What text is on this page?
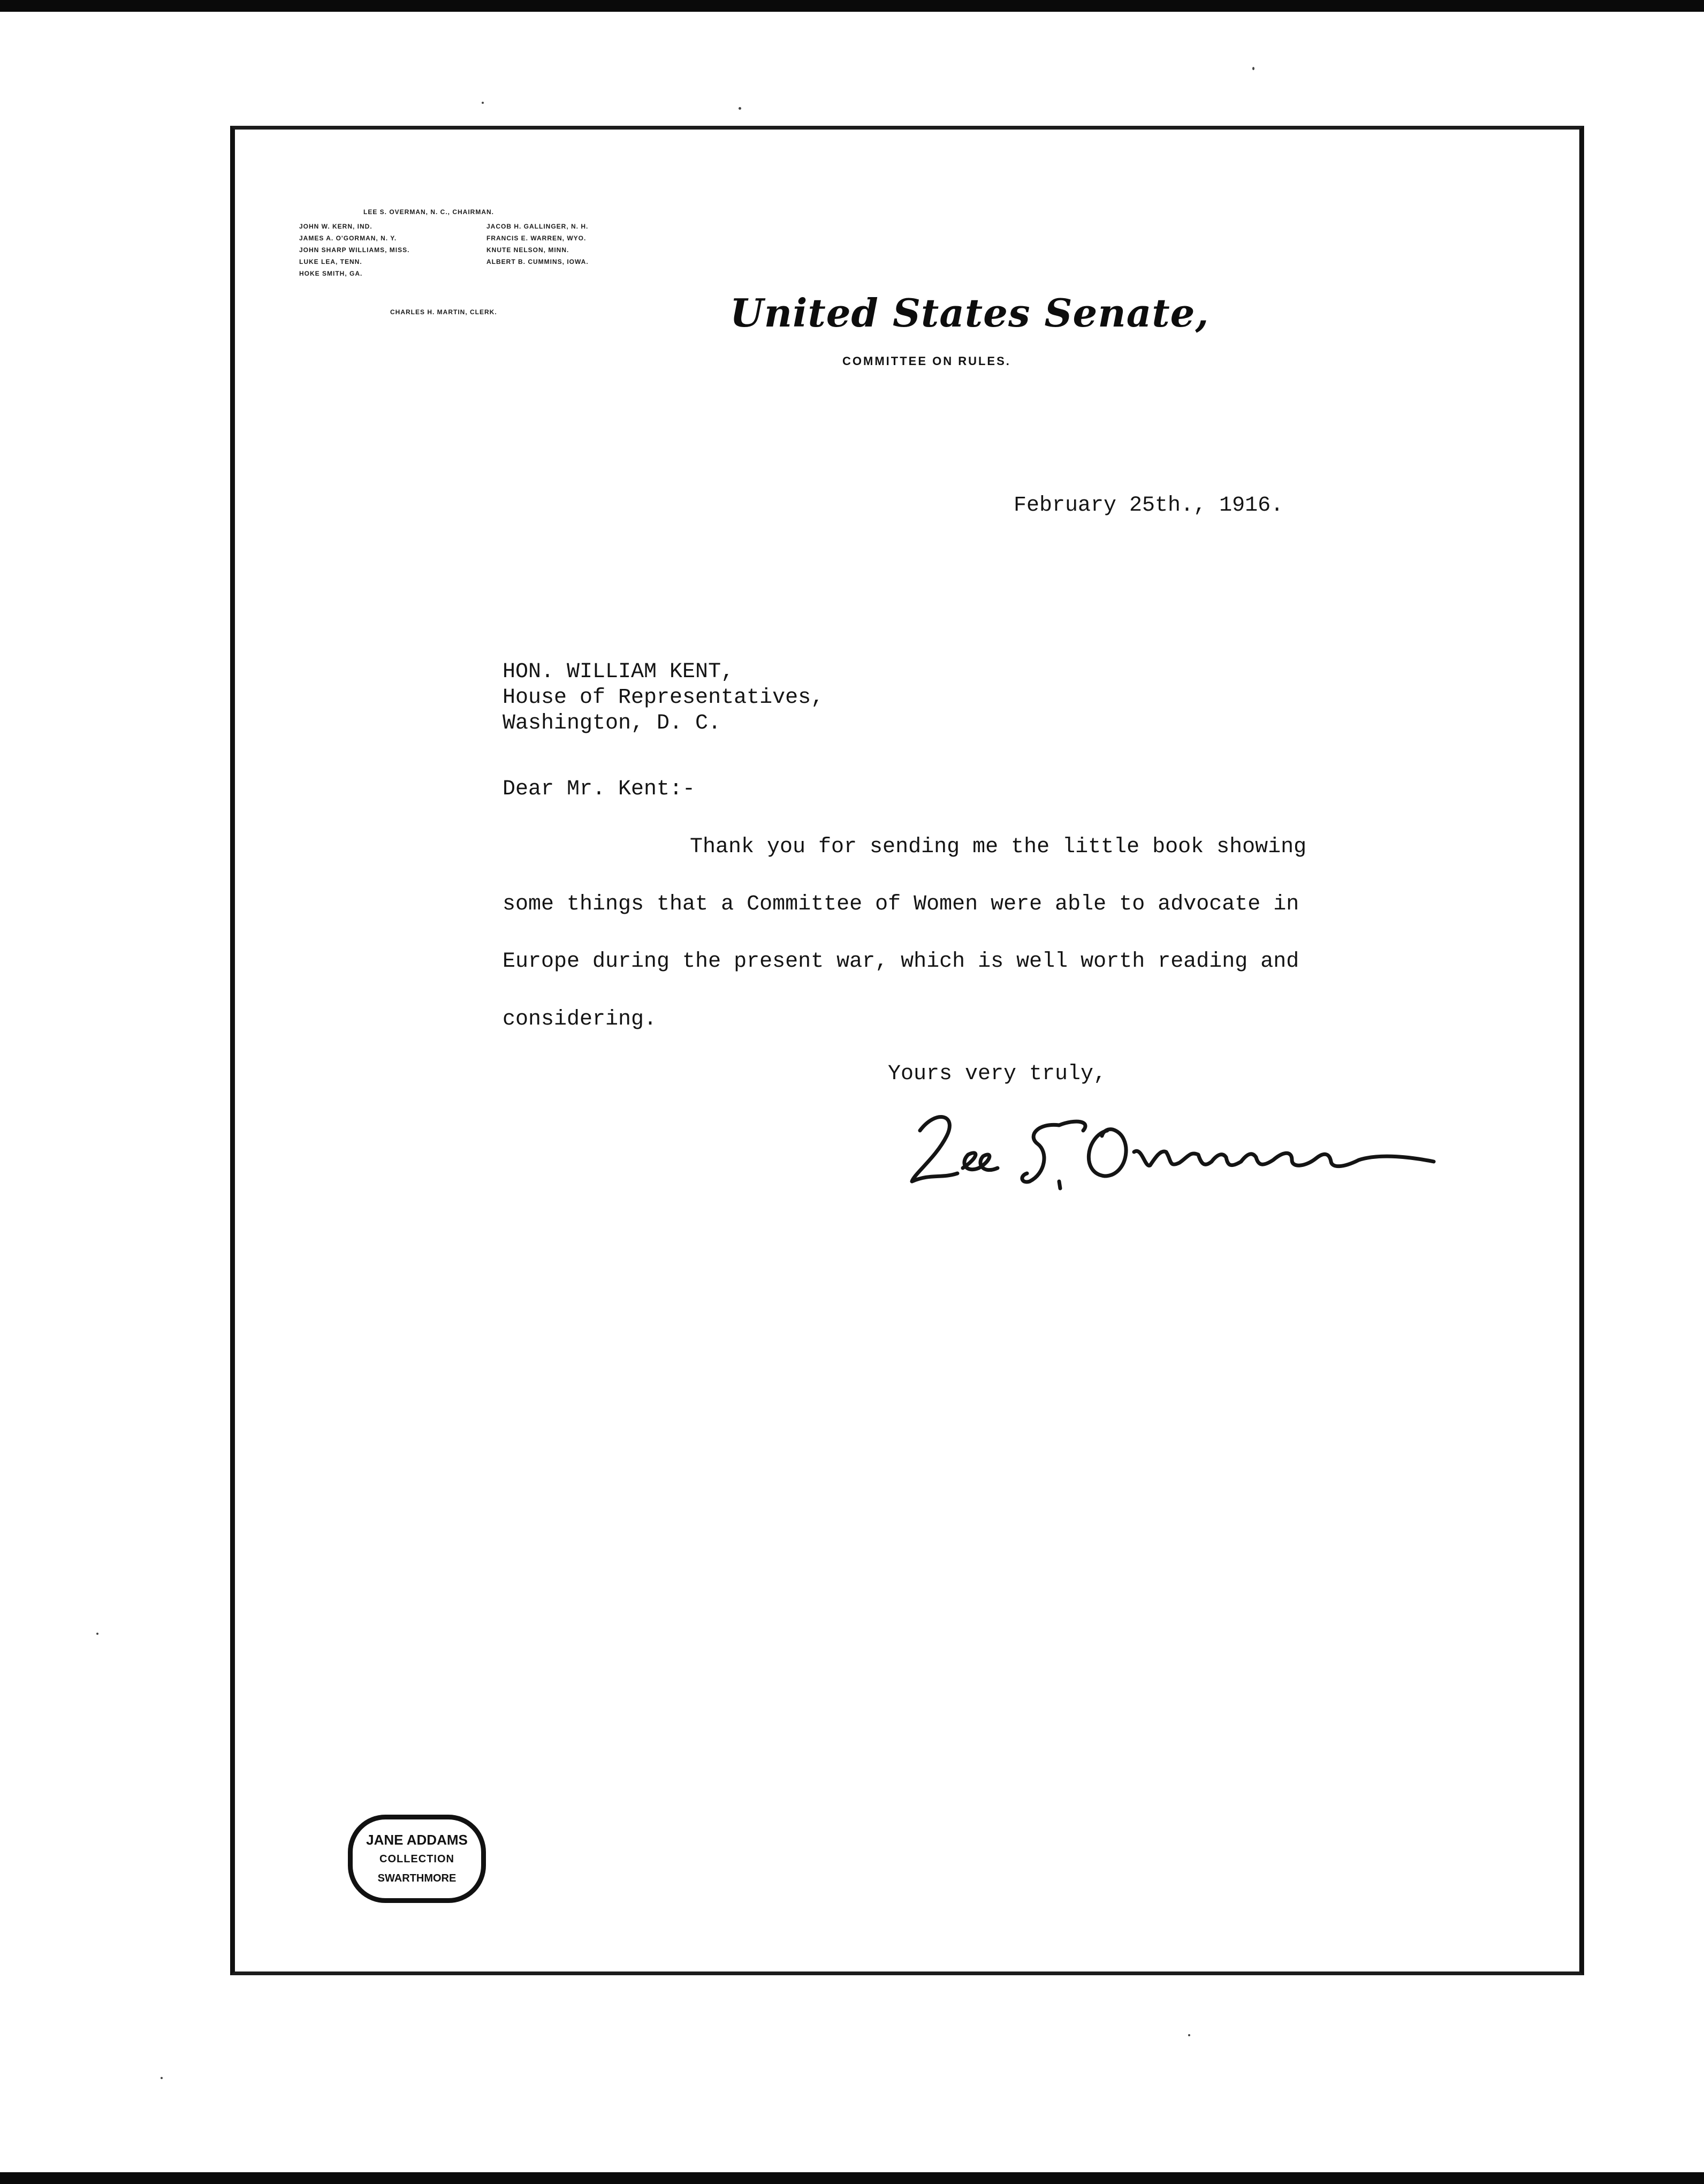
LEE S. OVERMAN, N. C., CHAIRMAN.
JOHN W. KERN, IND.
JAMES A. O'GORMAN, N. Y.
JOHN SHARP WILLIAMS, MISS.
LUKE LEA, TENN.
HOKE SMITH, GA.
JACOB H. GALLINGER, N. H.
FRANCIS E. WARREN, WYO.
KNUTE NELSON, MINN.
ALBERT B. CUMMINS, IOWA.
CHARLES H. MARTIN, CLERK.	United States Senate,
COMMITTEE ON RULES.
February 25th., 1916.
HON. WILLIAM KENT,
House of Representatives,
Washington, D. C.
Dear Mr. Kent:-
Thank you for sending me the little book showing
some things that a Committee of Women were able to advocate in
Europe during the present war, which is well worth reading and
considering.
Yours very truly,
JANE ADDAMS
COLLECTION
SWARTHMORE
